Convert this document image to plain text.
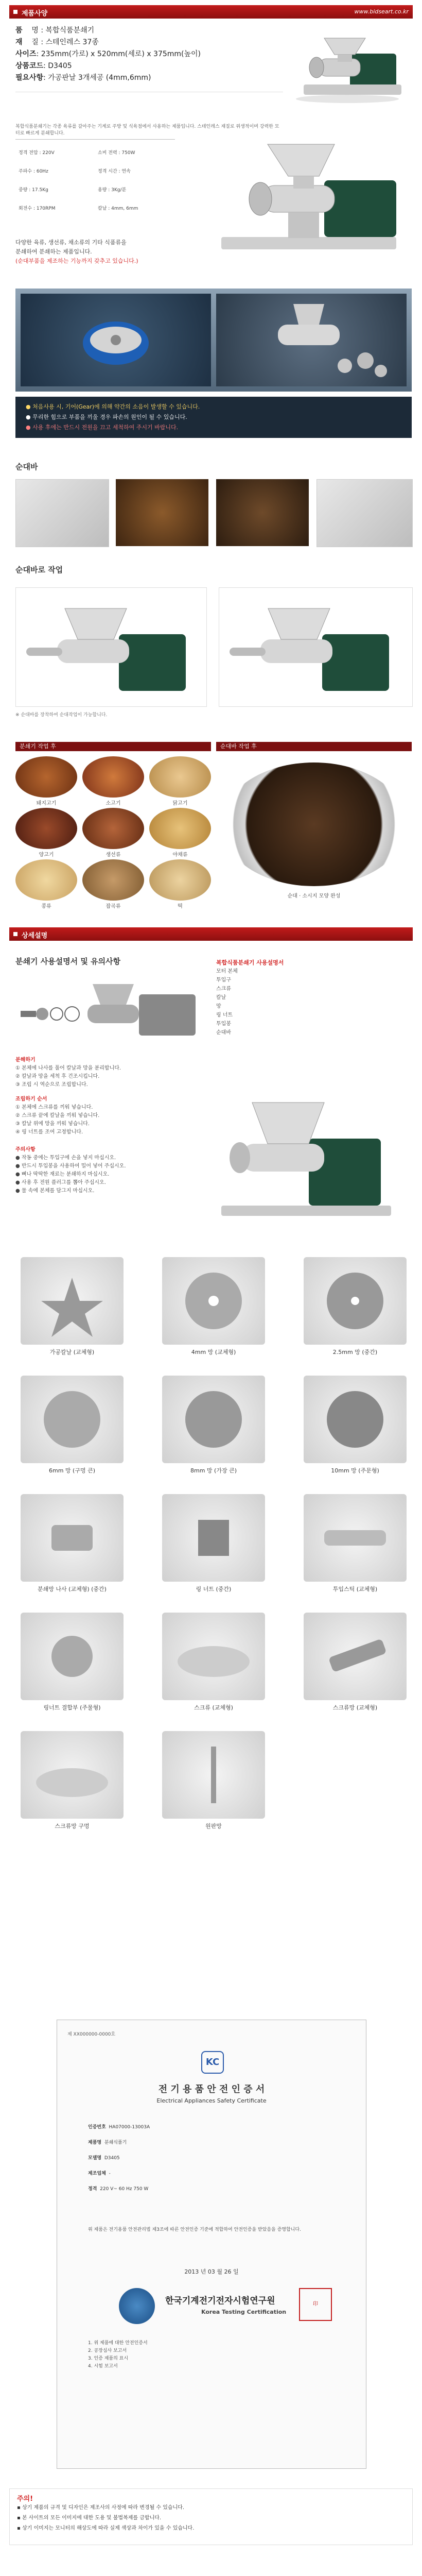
제품사양	www.bidseart.co.kr
품 명 : 복합식품분쇄기
재 질 : 스테인레스 37종
사이즈: 235mm(가로) x 520mm(세로) x 375mm(높이)
상품코드: D3405
필요사항: 가공판날 3개세공 (4mm,6mm)
복합식품분쇄기는 각종 육류를 갈아주는 기계로 주방 및 식육점에서 사용하는 제품입니다. 스테인레스 재질로 위생적이며 강력한 모터로 빠르게 분쇄합니다.
정격 전압 : 220V	소비 전력 : 750W
주파수 : 60Hz	정격 시간 : 연속
중량 : 17.5Kg	용량 : 3Kg/분
회전수 : 170RPM	칼날 : 4mm, 6mm
다양한 육류, 생선류, 채소류의 기타 식품류을
분쇄하여 분쇄하는 제품입니다.
(순대부품을 제조하는 기능까지 갖추고 있습니다.)
● 처음사용 시, 기어(Gear)에 의해 약간의 소음이 발생할 수 있습니다.
● 무리한 힘으로 부품을 끼울 경우 파손의 원인이 될 수 있습니다.
● 사용 후에는 반드시 전원을 끄고 세척하여 주시기 바랍니다.
순대바
순대바로 작업
※ 순대바를 장착하여 순대작업이 가능합니다.
분쇄기 작업 후	순대바 작업 후
돼지고기	소고기	닭고기
양고기	생선류	야채류
콩류	잡곡류	떡
순대 · 소시지 모양 완성
상세설명
분쇄기 사용설명서 및 유의사항
분해하기
① 본체에 나사를 풀어 칼날과 망을 분리합니다.
② 칼날과 망을 세척 후 건조시킵니다.
③ 조립 시 역순으로 조립합니다.
조립하기 순서
① 본체에 스크류를 끼워 넣습니다.
② 스크류 끝에 칼날을 끼워 넣습니다.
③ 칼날 위에 망을 끼워 넣습니다.
④ 링 너트를 조여 고정합니다.
주의사항
● 작동 중에는 투입구에 손을 넣지 마십시오.
● 반드시 투입봉을 사용하여 밀어 넣어 주십시오.
● 뼈나 딱딱한 재료는 분쇄하지 마십시오.
● 사용 후 전원 플러그를 뽑아 주십시오.
● 물 속에 본체를 담그지 마십시오.
복합식품분쇄기 사용설명서
모터 본체
투입구
스크류
칼날
망
링 너트
투입봉
순대바
가공칼날 (교체형)	4mm 망 (교체형)	2.5mm 망 (중간)
6mm 망 (구멍 큰)	8mm 망 (가장 큰)	10mm 망 (주문형)
분쇄망 나사 (교체형) (중간)	링 너트 (중간)	투입스틱 (교체형)
링너트 결합부 (주물형)	스크류 (교체형)	스크류망 (교체형)
스크류망 구멍	원판망
제 XX000000-0000호
KC
전 기 용 품 안 전 인 증 서
Electrical Appliances Safety Certificate
인증번호 HA07000-13003A
제품명 분쇄식품기
모델명 D3405
제조업체 -
정격 220 V~ 60 Hz 750 W
위 제품은 전기용품 안전관리법 제3조에 따른 안전인증 기준에 적합하여 안전인증을 받았음을 증명합니다.
2013 년 03 월 26 일
한국기계전기전자시험연구원
Korea Testing Certification
印
1. 위 제품에 대한 안전인증서
2. 공장심사 보고서
3. 인증 제품의 표시
4. 시험 보고서
주의!
▪ 상기 제품의 규격 및 디자인은 제조사의 사정에 따라 변경될 수 있습니다.
▪ 본 사이트의 모든 이미지에 대한 도용 및 불법복제를 금합니다.
▪ 상기 이미지는 모니터의 해상도에 따라 실제 색상과 차이가 있을 수 있습니다.
